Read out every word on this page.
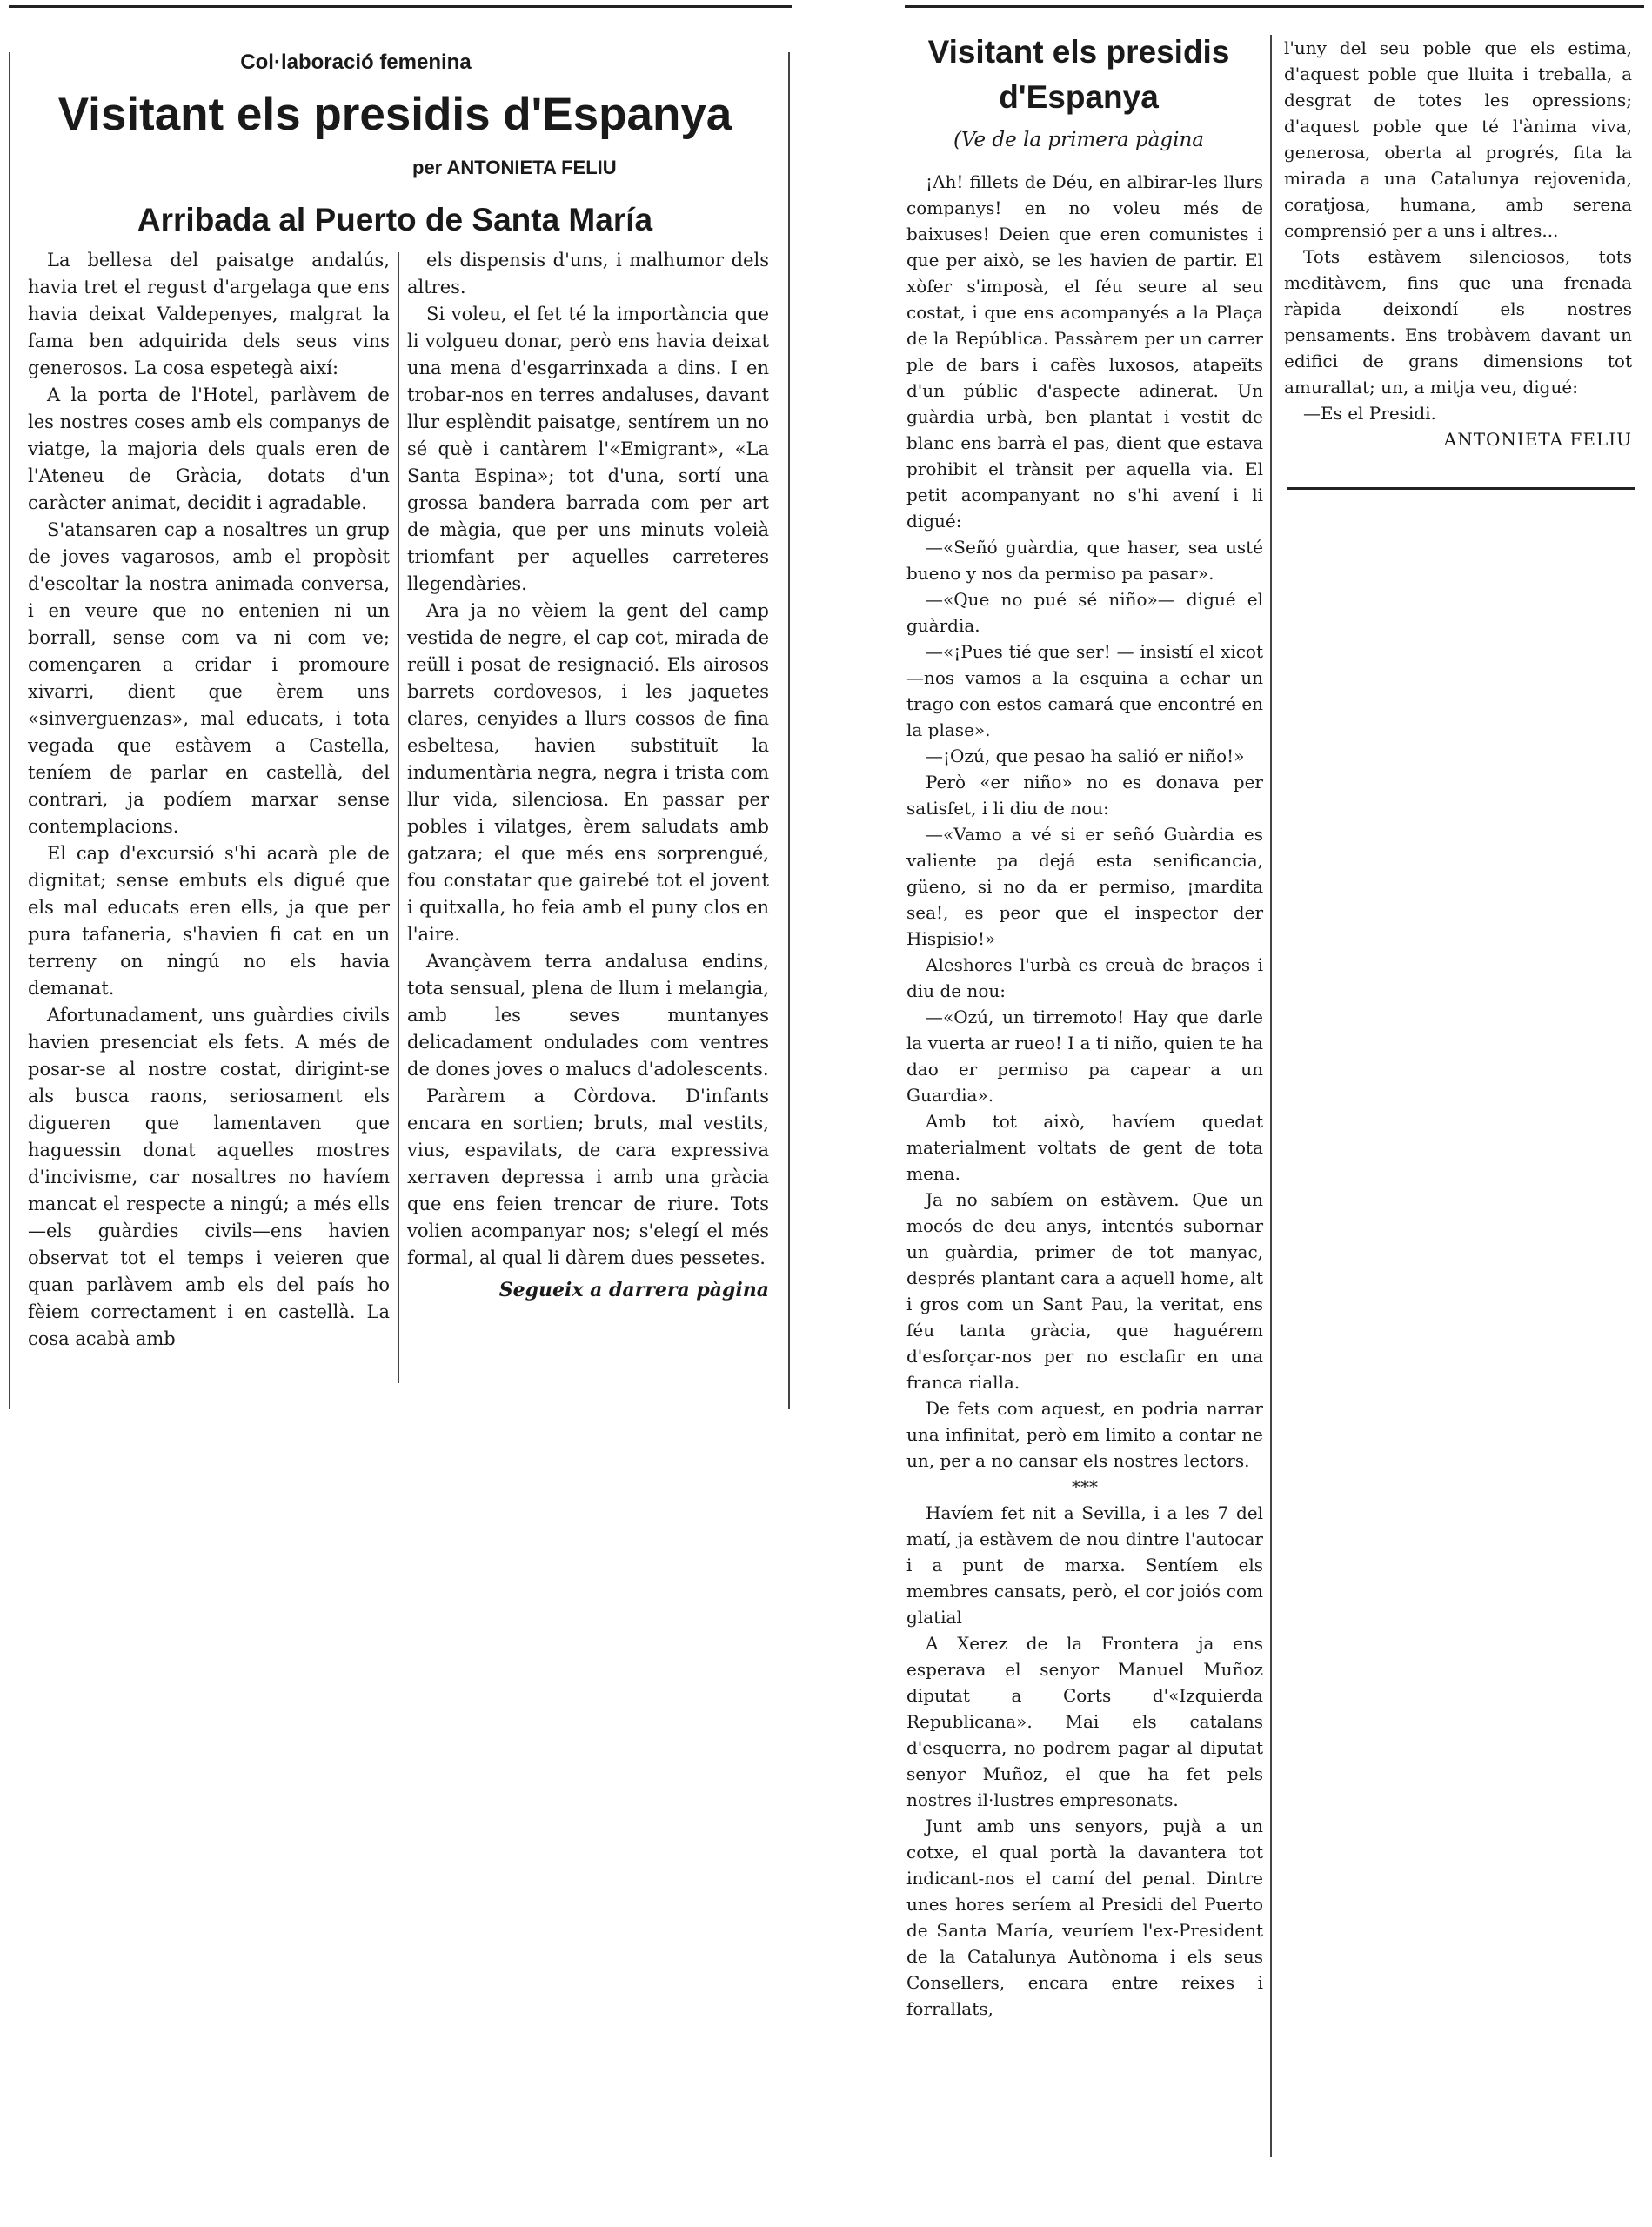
Col·laboració femenina
Visitant els presidis d'Espanya
per ANTONIETA FELIU
Arribada al Puerto de Santa María

La bellesa del paisatge andalús, havia tret el regust d'argelaga que ens havia deixat Valdepenyes, malgrat la fama ben adquirida dels seus vins generosos. La cosa espetegà així:

A la porta de l'Hotel, parlàvem de les nostres coses amb els companys de viatge, la majoria dels quals eren de l'Ateneu de Gràcia, dotats d'un caràcter animat, decidit i agradable.

S'atansaren cap a nosaltres un grup de joves vagarosos, amb el propòsit d'escoltar la nostra animada conversa, i en veure que no entenien ni un borrall, sense com va ni com ve; començaren a cridar i promoure xivarri, dient que èrem uns «sinverguenzas», mal educats, i tota vegada que estàvem a Castella, teníem de parlar en castellà, del contrari, ja podíem marxar sense contemplacions.

El cap d'excursió s'hi acarà ple de dignitat; sense embuts els digué que els mal educats eren ells, ja que per pura tafaneria, s'havien fi cat en un terreny on ningú no els havia demanat.

Afortunadament, uns guàrdies civils havien presenciat els fets. A més de posar-se al nostre costat, dirigint-se als busca raons, seriosament els digueren que lamentaven que haguessin donat aquelles mostres d'incivisme, car nosaltres no havíem mancat el respecte a ningú; a més ells—els guàrdies civils—ens havien observat tot el temps i veieren que quan parlàvem amb els del país ho fèiem correctament i en castellà. La cosa acabà amb

els dispensis d'uns, i malhumor dels altres.

Si voleu, el fet té la importància que li volgueu donar, però ens havia deixat una mena d'esgarrinxada a dins. I en trobar-nos en terres andaluses, davant llur esplèndit paisatge, sentírem un no sé què i cantàrem l'«Emigrant», «La Santa Espina»; tot d'una, sortí una grossa bandera barrada com per art de màgia, que per uns minuts voleià triomfant per aquelles carreteres llegendàries.

Ara ja no vèiem la gent del camp vestida de negre, el cap cot, mirada de reüll i posat de resignació. Els airosos barrets cordovesos, i les jaquetes clares, cenyides a llurs cossos de fina esbeltesa, havien substituït la indumentària negra, negra i trista com llur vida, silenciosa. En passar per pobles i vilatges, èrem saludats amb gatzara; el que més ens sorprengué, fou constatar que gairebé tot el jovent i quitxalla, ho feia amb el puny clos en l'aire.

Avançàvem terra andalusa endins, tota sensual, plena de llum i melangia, amb les seves muntanyes delicadament ondulades com ventres de dones joves o malucs d'adolescents.

Paràrem a Còrdova. D'infants encara en sortien; bruts, mal vestits, vius, espavilats, de cara expressiva xerraven depressa i amb una gràcia que ens feien trencar de riure. Tots volien acompanyar nos; s'elegí el més formal, al qual li dàrem dues pessetes.

Segueix a darrera pàgina

Visitant els presidis
d'Espanya
(Ve de la primera pàgina

¡Ah! fillets de Déu, en albirar-les llurs companys! en no voleu més de baixuses! Deien que eren comunistes i que per això, se les havien de partir. El xòfer s'imposà, el féu seure al seu costat, i que ens acompanyés a la Plaça de la República. Passàrem per un carrer ple de bars i cafès luxosos, atapeïts d'un públic d'aspecte adinerat. Un guàrdia urbà, ben plantat i vestit de blanc ens barrà el pas, dient que estava prohibit el trànsit per aquella via. El petit acompanyant no s'hi avení i li digué:

—«Señó guàrdia, que haser, sea usté bueno y nos da permiso pa pasar».

—«Que no pué sé niño»— digué el guàrdia.

—«¡Pues tié que ser! — insistí el xicot—nos vamos a la esquina a echar un trago con estos camará que encontré en la plase».

—¡Ozú, que pesao ha salió er niño!»

Però «er niño» no es donava per satisfet, i li diu de nou:

—«Vamo a vé si er señó Guàrdia es valiente pa dejá esta senificancia, güeno, si no da er permiso, ¡mardita sea!, es peor que el inspector der Hispisio!»

Aleshores l'urbà es creuà de braços i diu de nou:

—«Ozú, un tirremoto! Hay que darle la vuerta ar rueo! I a ti niño, quien te ha dao er permiso pa capear a un Guardia».

Amb tot això, havíem quedat materialment voltats de gent de tota mena.

Ja no sabíem on estàvem. Que un mocós de deu anys, intentés subornar un guàrdia, primer de tot manyac, després plantant cara a aquell home, alt i gros com un Sant Pau, la veritat, ens féu tanta gràcia, que haguérem d'esforçar-nos per no esclafir en una franca rialla.

De fets com aquest, en podria narrar una infinitat, però em limito a contar ne un, per a no cansar els nostres lectors.

***

Havíem fet nit a Sevilla, i a les 7 del matí, ja estàvem de nou dintre l'autocar i a punt de marxa. Sentíem els membres cansats, però, el cor joiós com glatial

A Xerez de la Frontera ja ens esperava el senyor Manuel Muñoz diputat a Corts d'«Izquierda Republicana». Mai els catalans d'esquerra, no podrem pagar al diputat senyor Muñoz, el que ha fet pels nostres il·lustres empresonats.

Junt amb uns senyors, pujà a un cotxe, el qual portà la davantera tot indicant-nos el camí del penal. Dintre unes hores seríem al Presidi del Puerto de Santa María, veuríem l'ex-President de la Catalunya Autònoma i els seus Consellers, encara entre reixes i forrallats,

l'uny del seu poble que els estima, d'aquest poble que lluita i treballa, a desgrat de totes les opressions; d'aquest poble que té l'ànima viva, generosa, oberta al progrés, fita la mirada a una Catalunya rejovenida, coratjosa, humana, amb serena comprensió per a uns i altres...

Tots estàvem silenciosos, tots meditàvem, fins que una frenada ràpida deixondí els nostres pensaments. Ens trobàvem davant un edifici de grans dimensions tot amurallat; un, a mitja veu, digué:

—Es el Presidi.

ANTONIETA FELIU
